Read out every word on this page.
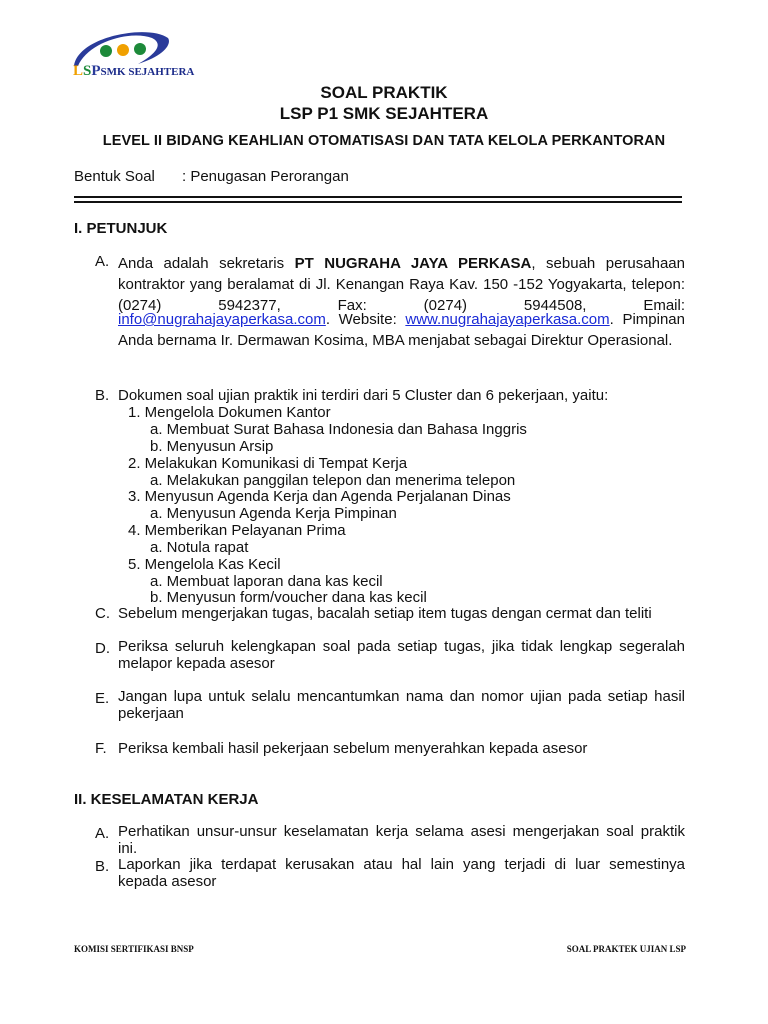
LSPSMK SEJAHTERA
SOAL PRAKTIK
LSP P1 SMK SEJAHTERA
LEVEL II BIDANG KEAHLIAN OTOMATISASI DAN TATA KELOLA PERKANTORAN
Bentuk Soal : Penugasan Perorangan
I. PETUNJUK
A. Anda adalah sekretaris PT NUGRAHA JAYA PERKASA, sebuah perusahaan kontraktor yang beralamat di Jl. Kenangan Raya Kav. 150 -152 Yogyakarta, telepon: (0274) 5942377, Fax: (0274) 5944508, Email:
info@nugrahajayaperkasa.com. Website: www.nugrahajayaperkasa.com. Pimpinan Anda bernama Ir. Dermawan Kosima, MBA menjabat sebagai Direktur Operasional.
B. Dokumen soal ujian praktik ini terdiri dari 5 Cluster dan 6 pekerjaan, yaitu:
1. Mengelola Dokumen Kantor
a. Membuat Surat Bahasa Indonesia dan Bahasa Inggris
b. Menyusun Arsip
2. Melakukan Komunikasi di Tempat Kerja
a. Melakukan panggilan telepon dan menerima telepon
3. Menyusun Agenda Kerja dan Agenda Perjalanan Dinas
a. Menyusun Agenda Kerja Pimpinan
4. Memberikan Pelayanan Prima
a. Notula rapat
5. Mengelola Kas Kecil
a. Membuat laporan dana kas kecil
b. Menyusun form/voucher dana kas kecil
C. Sebelum mengerjakan tugas, bacalah setiap item tugas dengan cermat dan teliti
D. Periksa seluruh kelengkapan soal pada setiap tugas, jika tidak lengkap segeralah melapor kepada asesor
E. Jangan lupa untuk selalu mencantumkan nama dan nomor ujian pada setiap hasil pekerjaan
F. Periksa kembali hasil pekerjaan sebelum menyerahkan kepada asesor
II. KESELAMATAN KERJA
A. Perhatikan unsur-unsur keselamatan kerja selama asesi mengerjakan soal praktik ini.
B. Laporkan jika terdapat kerusakan atau hal lain yang terjadi di luar semestinya kepada asesor
KOMISI SERTIFIKASI BNSP	SOAL PRAKTEK UJIAN LSP
